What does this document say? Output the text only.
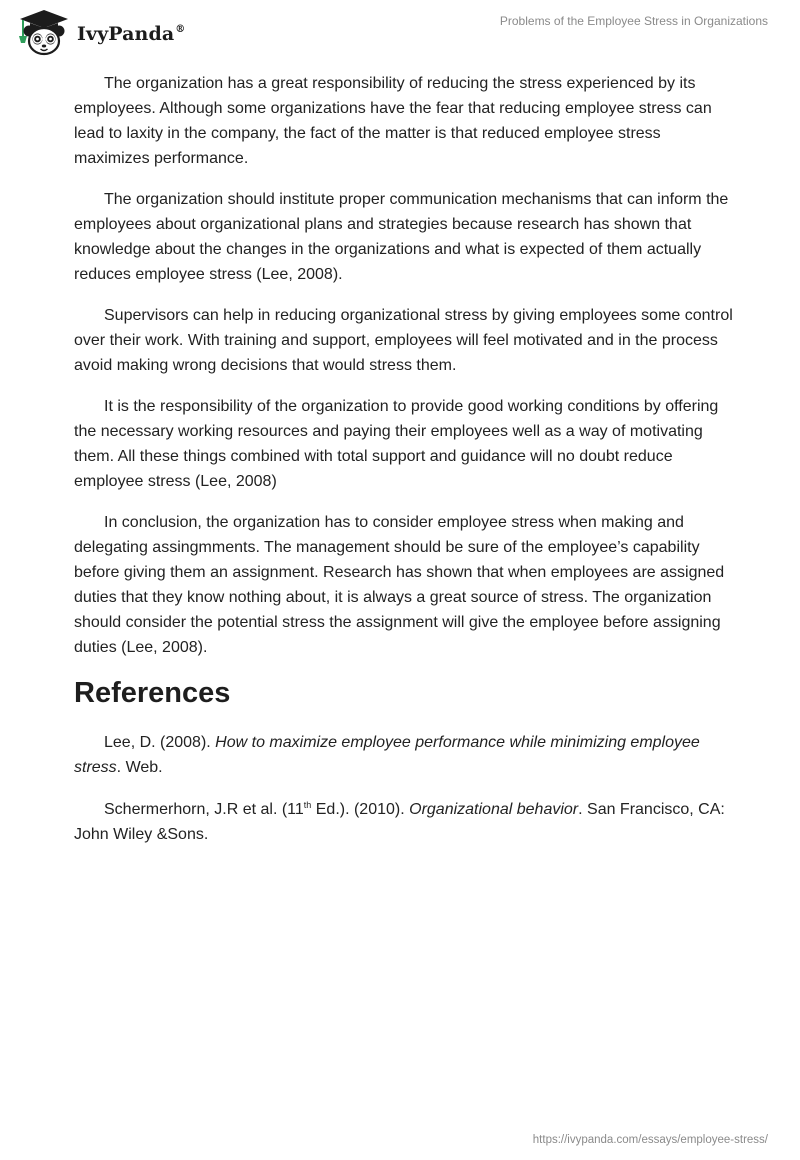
IvyPanda®
Problems of the Employee Stress in Organizations

The organization has a great responsibility of reducing the stress experienced by its employees. Although some organizations have the fear that reducing employee stress can lead to laxity in the company, the fact of the matter is that reduced employee stress maximizes performance.

The organization should institute proper communication mechanisms that can inform the employees about organizational plans and strategies because research has shown that knowledge about the changes in the organizations and what is expected of them actually reduces employee stress (Lee, 2008).

Supervisors can help in reducing organizational stress by giving employees some control over their work. With training and support, employees will feel motivated and in the process avoid making wrong decisions that would stress them.

It is the responsibility of the organization to provide good working conditions by offering the necessary working resources and paying their employees well as a way of motivating them. All these things combined with total support and guidance will no doubt reduce employee stress (Lee, 2008)

In conclusion, the organization has to consider employee stress when making and delegating assingmments. The management should be sure of the employee’s capability before giving them an assignment. Research has shown that when employees are assigned duties that they know nothing about, it is always a great source of stress. The organization should consider the potential stress the assignment will give the employee before assigning duties (Lee, 2008).

References

Lee, D. (2008). How to maximize employee performance while minimizing employee stress. Web.

Schermerhorn, J.R et al. (11th Ed.). (2010). Organizational behavior. San Francisco, CA: John Wiley &Sons.

https://ivypanda.com/essays/employee-stress/
